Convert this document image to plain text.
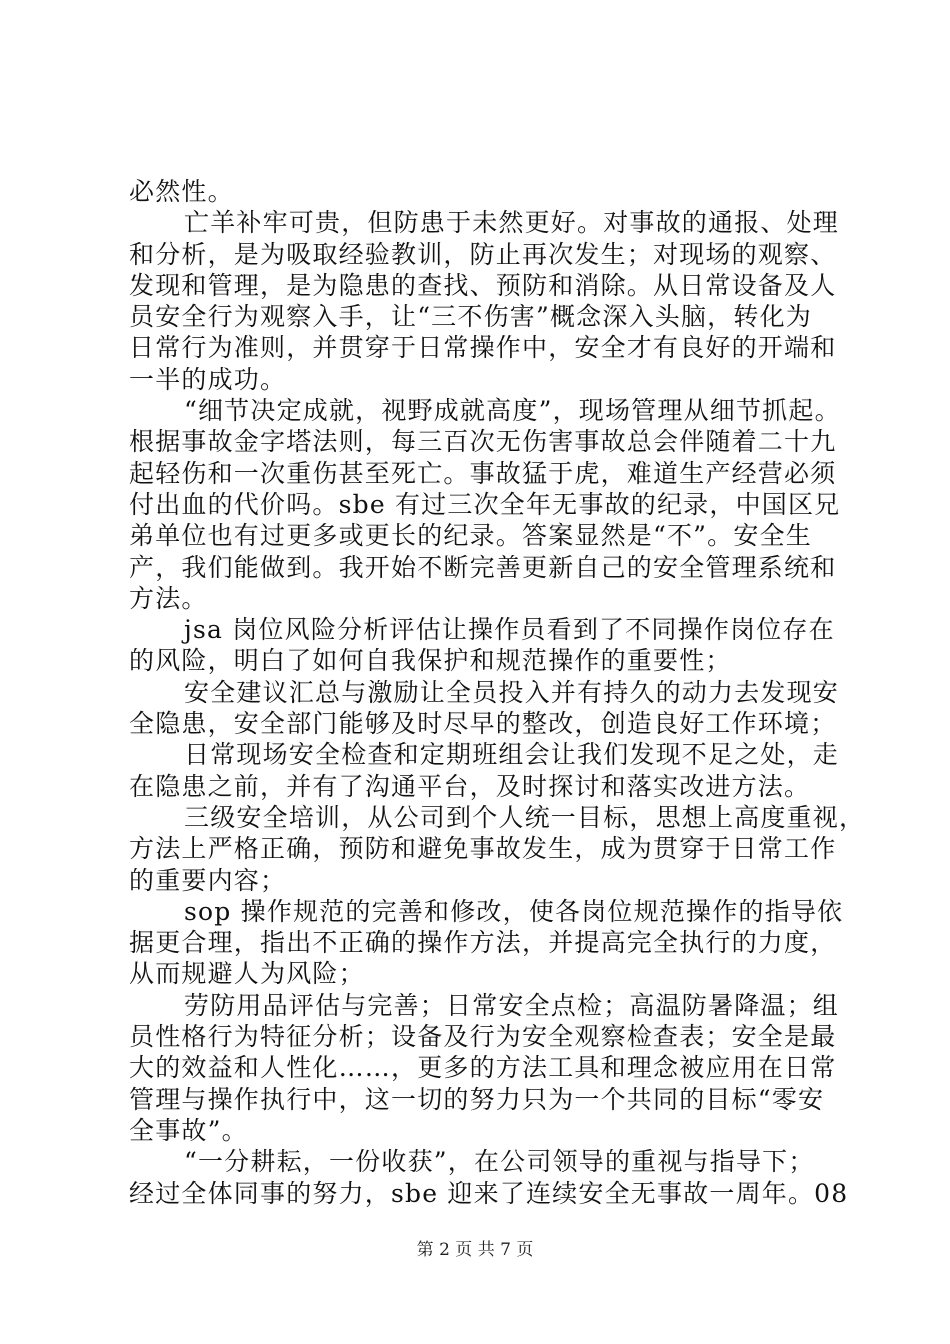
必然性。
亡羊补牢可贵，但防患于未然更好。对事故的通报、处理
和分析，是为吸取经验教训，防止再次发生；对现场的观察、
发现和管理，是为隐患的查找、预防和消除。从日常设备及人
员安全行为观察入手，让“三不伤害”概念深入头脑，转化为
日常行为准则，并贯穿于日常操作中，安全才有良好的开端和
一半的成功。
“细节决定成就，视野成就高度”，现场管理从细节抓起。
根据事故金字塔法则，每三百次无伤害事故总会伴随着二十九
起轻伤和一次重伤甚至死亡。事故猛于虎，难道生产经营必须
付出血的代价吗。sbe 有过三次全年无事故的纪录，中国区兄
弟单位也有过更多或更长的纪录。答案显然是“不”。安全生
产，我们能做到。我开始不断完善更新自己的安全管理系统和
方法。
jsa 岗位风险分析评估让操作员看到了不同操作岗位存在
的风险，明白了如何自我保护和规范操作的重要性；
安全建议汇总与激励让全员投入并有持久的动力去发现安
全隐患，安全部门能够及时尽早的整改，创造良好工作环境；
日常现场安全检查和定期班组会让我们发现不足之处，走
在隐患之前，并有了沟通平台，及时探讨和落实改进方法。
三级安全培训，从公司到个人统一目标，思想上高度重视，
方法上严格正确，预防和避免事故发生，成为贯穿于日常工作
的重要内容；
sop 操作规范的完善和修改，使各岗位规范操作的指导依
据更合理，指出不正确的操作方法，并提高完全执行的力度，
从而规避人为风险；
劳防用品评估与完善；日常安全点检；高温防暑降温；组
员性格行为特征分析；设备及行为安全观察检查表；安全是最
大的效益和人性化……，更多的方法工具和理念被应用在日常
管理与操作执行中，这一切的努力只为一个共同的目标“零安
全事故”。
“一分耕耘，一份收获”，在公司领导的重视与指导下；
经过全体同事的努力，sbe 迎来了连续安全无事故一周年。08
第 2 页 共 7 页
